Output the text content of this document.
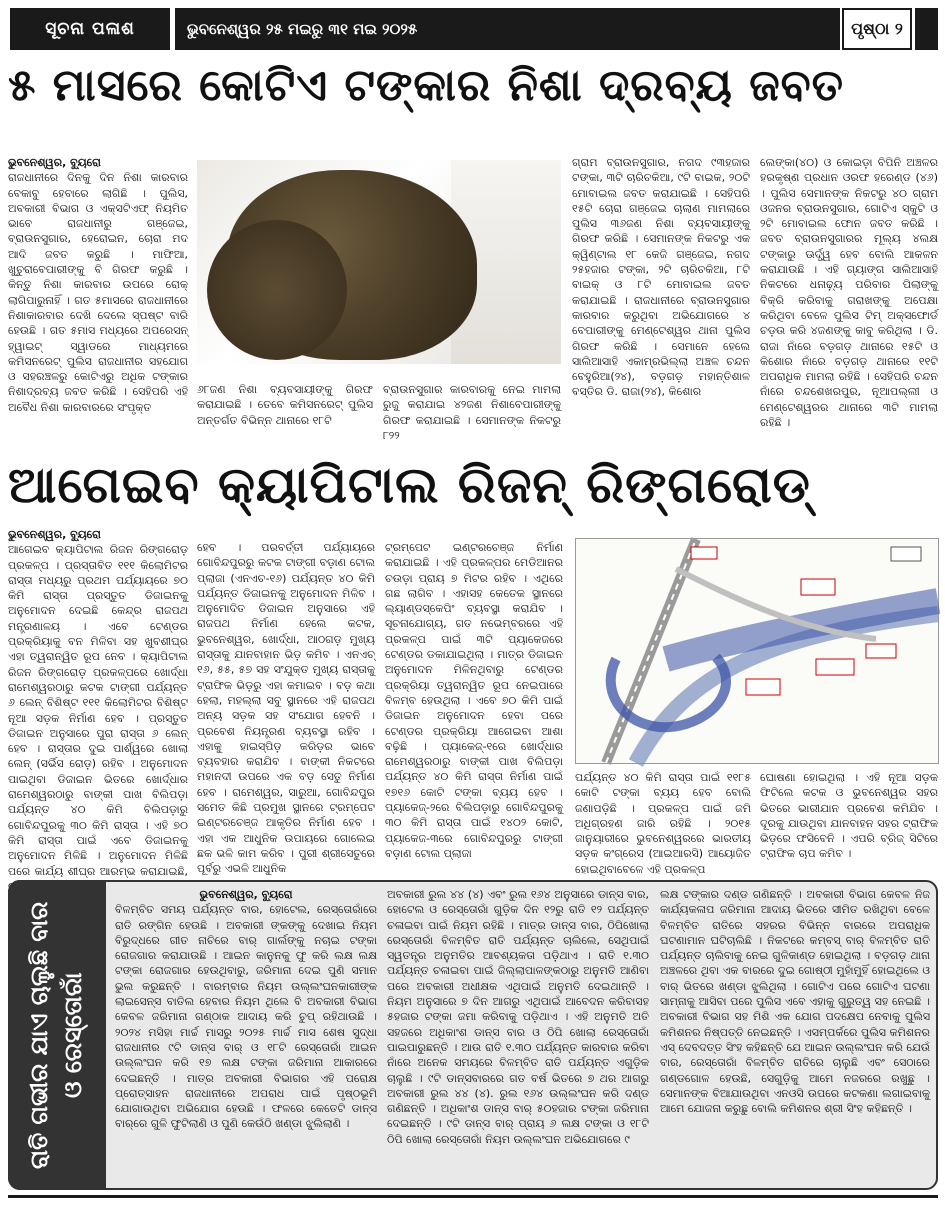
ସୂଚନା ପଳାଶ	ଭୁବନେଶ୍ୱର ୨୫ ମଇରୁ ୩୧ ମଇ ୨୦୨୫	ପୃଷ୍ଠା ୨
୫ ମାସରେ କୋଟିଏ ଟଙ୍କାର ନିଶା ଦ୍ରବ୍ୟ ଜବତ
ଭୁବନେଶ୍ୱର, ବ୍ୟୁରୋ
ରାଜଧାନୀରେ ଦିନକୁ ଦିନ ନିଶା କାରବାର ବେକାବୁ ହେବାରେ ଲାଗିଛି । ପୁଲିସ, ଅବକାରୀ ବିଭାଗ ଓ ଏକ୍ସଟିଏଫ୍ ନିୟମିତ ଭାବେ ରାଜଧାନୀରୁ ଗଞ୍ଜେଇ, ବ୍ରାଉନସୁଗାର, ହେରୋଇନ, ଚୋରା ମଦ ଆଦି ଜବତ କରୁଛି । ମାଫିଆ, ଖୁଚୁରାବେପାରୀଙ୍କୁ ବି ଗିରଫ କରୁଛି । କିନ୍ତୁ ନିଶା କାରବାର ଉପରେ ରୋକ୍ ଲାଗିପାରୁନାହିଁ । ଗତ ୫ମାସରେ ରାଜଧାନୀରେ ନିଶାକାରବାର ଦେଖି ଦେଲେ ସ୍ପଷ୍ଟ ବାରି ହେଉଛି । ଗତ ୫ମାସ ମଧ୍ୟରେ ଅପରେସନ୍ ହ୍ୱାଇଟ୍ ସ୍ୱାଡରେ ମାଧ୍ୟମରେ କମିସନରେଟ୍ ପୁଲିସ ରାଜଧାନୀର ସହଯୋଗ ଓ ସହରଞ୍ଚଳରୁ କୋଟିଏରୁ ଅଧିକ ଟଙ୍କାର ନିଶାଦ୍ରବ୍ୟ ଜବତ କରିଛି । ସେହିପରି ଏହି ଅବୈଧ ନିଶା କାରବାରରେ ସଂପୃକ୍ତ
୬୮ଜଣ ନିଶା ବ୍ୟବସାୟୀଙ୍କୁ ଗିରଫ କରାଯାଇଛି । ତେବେ କମିସନରେଟ୍ ପୁଲିସ ଅନ୍ତର୍ଗତ ବିଭିନ୍ନ ଥାନାରେ ୧୮ଟି
ବ୍ରାଉନସୁଗାର କାରବାରକୁ ନେଇ ମାମଲା ରୁଜୁ କରାଯାଇ ୪୨ଜଣ ନିଶାବେପାରୀଙ୍କୁ ଗିରଫ କରାଯାଇଛି । ସେମାନଙ୍କ ନିକଟରୁ ୮୨୨
ଗ୍ରାମ ବ୍ରାଉନସୁଗାର, ନଗଦ ୯୩ହଜାର ଟଙ୍କା, ୩ଟି ଚାରିଚକିଆ, ୯ଟି ବାଇକ, ୨୦ଟି ମୋବାଇଲ ଜବତ କରାଯାଇଛି । ସେହିପରି ୧୫ଟି ଚୋରା ଗଞ୍ଜେଇ ଚାଲାଣ ମାମଲାରେ ପୁଲିସ ୩୬ଜଣ ନିଶା ବ୍ୟବସାୟୀଙ୍କୁ ଗିରଫ କରିଛି । ସେମାନଙ୍କ ନିକଟରୁ ଏକ କ୍ୱିଣ୍ଟାଲ ୧୮ କେଜି ଗଞ୍ଜେଇ, ନଗଦ ୨୫ହଜାର ଟଙ୍କା, ୨ଟି ଚାରିଚକିଆ, ୮ଟି ବାଇକ୍ ଓ ୮ଟି ମୋବାଇଲ ଜବତ କରାଯାଇଛି । ରାଜଧାନୀରେ ବ୍ରାଉନସୁଗାର କାରବାର କରୁଥିବା ଅଭିଯୋଗରେ ୪ ବେପାରୀଙ୍କୁ ମେଣ୍ଟେଶ୍ୱର ଥାନା ପୁଲିସ ଗିରଫ କରିଛି । ସେମାନେ ହେଲେ ସାଲିଆସାହି ଏକାମ୍ରଭିଲ୍ଲା ଅଞ୍ଚଳ ଚନ୍ଦନ ବେହୁରିଆ(୨୪), ବଡ଼ଗଡ଼ ମହାନ୍ତିଶାଳ ବସ୍ତିର ଡି. ରାଜା(୨୪), କିଶୋର
ଲେଙ୍କା(୪୦) ଓ କୋଇଡ଼ା ବିପିନି ଅଞ୍ଚଳର ହରକୃଷ୍ଣ ପ୍ରଧାନ ଓରଫ ହରେଣ୍ଡ (୪୬) । ପୁଲିସ ସେମାନଙ୍କ ନିକଟରୁ ୪୦ ଗ୍ରାମ ଓଜନର ବ୍ରାଉନସୁଗାର, ଗୋଟିଏ ସ୍କୁଟି ଓ ୨ଟି ମୋବାଇଲ ଫୋନ ଜବତ କରିଛି । ଜବତ ବ୍ରାଉନସୁଗାରର ମୂଲ୍ୟ ୪ଲକ୍ଷ ଟଙ୍କାରୁ ଊର୍ଦ୍ଧ୍ୱ ହେବ ବୋଲି ଆକଳନ କରାଯାଉଛି । ଏହି ଗ୍ୟାଙ୍ଗ ସାଲିଆସାହି ନିକଟରେ ଧନାଢ଼୍ୟ ପରିବାର ପିଲାଙ୍କୁ ବିକ୍ରି କରିବାକୁ ଗରାଖଙ୍କୁ ଅପେକ୍ଷା କରିଥିବା ବେଳେ ପୁଲିସ ଟିମ୍ ଅକ୍ସଫୋର୍ଡ ଚଡ଼ଉ କରି ୪ଜଣଙ୍କୁ କାବୁ କରିଥିଲା । ଡି. ରାଜା ନାଁରେ ବଡ଼ଗଡ଼ ଥାନାରେ ୧୫ଟି ଓ କିଶୋର ନାଁରେ ବଡ଼ଗଡ଼ ଥାନାରେ ୧୧ଟି ଅପରାଧିକ ମାମଲା ରହିଛି । ସେହିପରି ଚନ୍ଦନ ନାଁରେ ଚନ୍ଦଶେଖରପୁର, ନୂଆପଲ୍ଲୀ ଓ ମେଣ୍ଟେଶ୍ୱରର ଥାନାରେ ୩ଟି ମାମଲା ରହିଛି ।
ଆଗେଇବ କ୍ୟାପିଟାଲ ରିଜନ୍ ରିଙ୍ଗରୋଡ୍
ଭୁବନେଶ୍ୱର, ବ୍ୟୁରୋ
ଆଗେଇବ କ୍ୟାପିଟାଲ ରିଜନ ରିଙ୍ଗରୋଡ଼ ପ୍ରକଳ୍ପ । ପ୍ରସ୍ତାବିତ ୧୧୧ କିଲୋମିଟର ରାସ୍ତା ମଧ୍ୟରୁ ପ୍ରଥମ ପର୍ଯ୍ୟାୟରେ ୭୦ କିମି ରାସ୍ତା ପ୍ରସ୍ତୁତ ଡିଜାଇନକୁ ଅନୁମୋଦନ ଦେଇଛି କେନ୍ଦ୍ର ରାଜପଥ ମନ୍ତ୍ରଣାଳୟ । ଏବେ ଟେଣ୍ଡର ପ୍ରକ୍ରିୟାକୁ ବନ ମିଳିବା ସହ ଖୁବଶୀଘ୍ର ଏହା ତ୍ୱରାନ୍ୱିତ ରୂପ ନେବ । କ୍ୟାପିଟାଲ ରିଜନ ରିଙ୍ଗରୋଡ଼ ପ୍ରକଳ୍ପରେ ଖୋର୍ଦ୍ଧା ରାମେଶ୍ୱରଠାରୁ କଟକ ଟାଙ୍ଗୀ ପର୍ଯ୍ୟନ୍ତ ୬ ଲେନ୍ ବିଶିଷ୍ଟ ୧୧୧ କିଲୋମିଟର ବିଶିଷ୍ଟ ନୂଆ ସଡ଼କ ନିର୍ମାଣ ହେବ । ପ୍ରସ୍ତୁତ ଡିଜାଇନ ଅନୁସାରେ ପୁରା ରାସ୍ତା ୬ ଲେନ୍ ହେବ । ରାସ୍ତାର ଦୁଇ ପାର୍ଶ୍ୱରେ ଖୋଲା ଲେନ୍ (ସର୍ଭିସ ରୋଡ଼) ରହିବ । ଅନୁମୋଦନ ପାଇଥିବା ଡିଜାଇନ ଭିତରେ ଖୋର୍ଦ୍ଧାର ରାମେଶ୍ୱରଠାରୁ ବାଙ୍କୀ ପାଖ ବିଲିପଡ଼ା ପର୍ଯ୍ୟନ୍ତ ୪୦ କିମି ବିଲିପଡ଼ାରୁ ଗୋବିନ୍ଦପୁରକୁ ୩୦ କିମି ରାସ୍ତା । ଏହି ୭୦ କିମି ରାସ୍ତା ପାଇଁ ଏବେ ଡିଜାଇନକୁ ଅନୁମୋଦନ ମିଳିଛି । ଅନୁମୋଦନ ମିଳିଛି ପରେ କାର୍ଯ୍ୟ ଶୀଘ୍ର ଆରମ୍ଭ କରାଯାଇଛି,
ହେବ । ପରବର୍ତ୍ତୀ ପର୍ଯ୍ୟାୟରେ ଗୋବିନ୍ଦପୁରରୁ କଟକ ଟାଙ୍ଗୀ ବଡ଼ାଣ ଟୋଲ ପ୍ଲାଜା (ଏନଏଚ-୧୬) ପର୍ଯ୍ୟନ୍ତ ୪୦ କିମି ପର୍ଯ୍ୟନ୍ତ ଡିଜାଇନକୁ ଅନୁମୋଦନ ମିଳିବ । ଅନୁମୋଦିତ ଡିଜାଇନ ଅନୁସାରେ ଏହି ରାଜପଥ ନିର୍ମାଣ ହେଲେ କଟକ, ଭୁବନେଶ୍ୱର, ଖୋର୍ଦ୍ଧା, ଆଠଗଡ଼ ମୁଖ୍ୟ ରାସ୍ତାକୁ ଯାନବାହାନ ଭିଡ଼ କମିବ । ଏନଏଚ୍ ୧୬, ୫୫, ୫୭ ସହ ସଂଯୁକ୍ତ ମୁଖ୍ୟ ରାସ୍ତାକୁ ଟ୍ରାଫିକ ଭିଡ଼ରୁ ଏହା କମାଇବ । ବଡ଼ କଥା ହେଲା, ମହଲ୍ଲା ସବୁ ସ୍ଥାନରେ ଏହି ରାଜପଥ ଅନ୍ୟ ସଡ଼କ ସହ ସଂଯୋଗ ହେବନି । ପ୍ରବେଶ ନିୟନ୍ତ୍ରଣ ବ୍ୟବସ୍ଥା ରହିବ । ଏହାକୁ ହାଇସ୍ପିଡ଼ କରିଡ଼ର ଭାବେ ବ୍ୟବହାର କରାଯିବ । ବାଙ୍କୀ ନିକଟରେ ମହାନଦୀ ଉପରେ ଏକ ବଡ଼ ସେତୁ ନିର୍ମାଣ ହେବ । ରାମେଶ୍ୱର, ସାରୁଆ, ଗୋବିନ୍ଦପୁର ସମେତ କିଛି ପ୍ରମୁଖ ସ୍ଥାନରେ ଟ୍ରମ୍ପେଟ ଇଣ୍ଟରଚେଞ୍ଜ ଆକୃତିର ନିର୍ମାଣ ହେବ । ଏହା ଏକ ଆଧୁନିକ ଉପାୟରେ ଗୋଲେଇ ଛକ ଭଳି କାମ କରିବ । ପୁରୀ ଶ୍ରୀସେତୁରେ ପୂର୍ବରୁ ଏଭଳି ଆଧୁନିକ
ଟ୍ରମ୍ପେଟ ଇଣ୍ଟରଚେଞ୍ଜ ନିର୍ମାଣ କରାଯାଇଛି । ଏହି ପ୍ରକଳ୍ପର ମେଡିଆନର ଚଉଡ଼ା ପ୍ରାୟ ୭ ମିଟର ରହିବ । ଏଥିରେ ଗଛ ଲାଗିବ । ଏହାସହ କେତେକ ସ୍ଥାନରେ ଲ୍ୟାଣ୍ଡସ୍କେପିଂ ବ୍ୟବସ୍ଥା କରାଯିବ । ସୂଚନାଯୋଗ୍ୟ, ଗତ ନଭେମ୍ବରରେ ଏହି ପ୍ରକଳ୍ପ ପାଇଁ ୩ଟି ପ୍ୟାକେଜରେ ଟେଣ୍ଡର ଡକାଯାଇଥିଲା । ମାତ୍ର ଡିଜାଇନ ଅନୁମୋଦନ ମିଳିନଥିବାରୁ ଟେଣ୍ଡର ପ୍ରକ୍ରିୟା ତ୍ୱରାନ୍ୱିତ ରୂପ ନେଇପାରେ ବିଳମ୍ବ ହେଉଥିଲା । ଏବେ ୭୦ କିମି ପାଇଁ ଡିଜାଇନ ଅନୁମୋଦନ ହେବା ପରେ ଟେଣ୍ଡର ପ୍ରକ୍ରିୟା ଆଗେଇବା ଆଶା ବଢ଼ିଛି । ପ୍ୟାକେଜ୍-୧ରେ ଖୋର୍ଦ୍ଧାର ରାମେଶ୍ୱରଠାରୁ ବାଙ୍କୀ ପାଖ ବିଲିପଡ଼ା ପର୍ଯ୍ୟନ୍ତ ୪୦ କିମି ରାସ୍ତା ନିର୍ମାଣ ପାଇଁ ୧୭୧୬ କୋଟି ଟଙ୍କା ବ୍ୟୟ ହେବ । ପ୍ୟାକେଜ୍-୨ରେ ବିଲିପଡ଼ାରୁ ଗୋବିନ୍ଦପୁରକୁ ୩୦ କିମି ରାସ୍ତା ପାଇଁ ୧୪୦୨ କୋଟି, ପ୍ୟାକେଜ-୩ରେ ଗୋବିନ୍ଦପୁରରୁ ଟାଙ୍ଗୀ ବଡ଼ାଣ ଟୋଲ ପ୍ଲାଜା
ପର୍ଯ୍ୟନ୍ତ ୪୦ କିମି ରାସ୍ତା ପାଇଁ ୧୧୮୫ କୋଟି ଟଙ୍କା ବ୍ୟୟ ହେବ ବୋଲି ଜଣାପଡ଼ିଛି । ପ୍ରକଳ୍ପ ପାଇଁ ଜମି ଅଧିଗ୍ରହଣ ଜାରି ରହିଛି । ୨୦୧୫ ଜାନୁୟାରୀରେ ଭୁବନେଶ୍ୱରରେ ଭାରତୀୟ ସଡ଼କ କଂଗ୍ରେସ (ଆଇଆରସି) ଆୟୋଜିତ ହୋଇଥିବାବେଳେ ଏହି ପ୍ରକଳ୍ପ
ଘୋଷଣା ହୋଇଥିଲା । ଏହି ନୂଆ ସଡ଼କ ଫିଟିଲେ କଟକ ଓ ଭୁବନେଶ୍ୱର ସହର ଭିତରେ ଭାରୀଯାନ ପ୍ରବେଶ କମିଯିବ । ଦୂରକୁ ଯାଉଥିବା ଯାନବାହନ ସହର ଟ୍ରାଫିକ ଭିଡ଼ରେ ଫସିବେନି । ଏପରି ବ୍ରିଜ୍ ସିଟିରେ ଟ୍ରାଫିକ ଚାପ କମିବ ।
ରାତି ଗଭୀର ଯାଏ ଚାଲୁଛି ବାର ଓ ରେସ୍ତୋରାଁ
ଭୁବନେଶ୍ୱର, ବ୍ୟୁରୋ
ବିଳମ୍ବିତ ସମୟ ପର୍ଯ୍ୟନ୍ତ ବାର, ହୋଟେଲ, ରେସ୍ତୋରାଁରେ ରାତି ରଙ୍ଗିନ ହେଉଛି । ଅବକାରୀ ଙ୍କଙ୍କୁ ଦେଖାଇ ନିୟମ ବିରୁଦ୍ଧରେ ଗୀତ ନାଚିରେ ବାର୍ ଗାର୍ଲଙ୍କୁ ନଚାଇ ଟଙ୍କା ରୋଜଗାର କରାଯାଉଛି । ଆଇନ କାନୁନକୁ ଫୁ କରି ଲକ୍ଷ ଲକ୍ଷ ଟଙ୍କା ରୋଜଗାର ହେଉଥିବାରୁ, ଜରିମାନା ଦେଇ ପୁଣି ସମାନ ଭୁଲ କରୁଛନ୍ତି । ବାରମ୍ବାର ନିୟମ ଉଲ୍ଲଂଘନକାରୀଙ୍କ ଲାଇସେନ୍ସ ବାତିଲ ହେବାର ନିୟମ ଥିଲେ ବି ଅବକାରୀ ବିଭାଗ କେବଳ ଜରିମାନା ଗଣ୍ଠାକ ଆଦାୟ କରି ଚୁପ୍ ରହିଥାଉଛି । ୨୦୨୪ ମସିହା ମାର୍ଚ୍ଚ ମାସରୁ ୨୦୨୫ ମାର୍ଚ୍ଚ ମାସ ଶେଷ ସୁଦ୍ଧା ରାଜଧାନୀର ୯ଟି ଡାନ୍ସ ବାର୍ ଓ ୧୮ଟି ରେସ୍ତୋରାଁ ଆଇନ ଉଲ୍ଲଂଘନ କରି ୧୭ ଲକ୍ଷ ଟଙ୍କା ଜରିମାନା ଆକାରରେ ଦେଇଛନ୍ତି । ମାତ୍ର ଅବକାରୀ ବିଭାଗର ଏହି ପରୋକ୍ଷ ପ୍ରୋତ୍ସାହନ ରାଜଧାନୀରେ ଅପରାଧ ପାଇଁ ପୃଷ୍ଠଭୂମି ଯୋଗାଉଥିବା ଅଭିଯୋଗ ହେଉଛି । ଫଳରେ କେତେଟି ଡାନ୍ସ ବାର୍‌ରେ ଗୁଳି ଫୁଟିଲାଣି ଓ ପୁଣି କେଉଁଠି ଖଣ୍ଡା ଝୁଲିଲାଣି ।
ଅବକାରୀ ରୁଲ ୪୪ (୪) ଏବଂ ରୁଲ ୧୬୪ ଅନୁସାରେ ଡାନ୍ସ ବାର, ହୋଟେଲ ଓ ରେସ୍ତୋରାଁ ଗୁଡ଼ିକ ଦିନ ୧୨ରୁ ରାତି ୧୨ ପର୍ଯ୍ୟନ୍ତ ଚଳାଇବା ପାଇଁ ନିୟମ ରହିଛି । ମାତ୍ର ଡାନ୍ସ ବାର, ଠିପିଖୋଲା ରେସ୍ତୋରାଁ ବିଳମ୍ବିତ ରାତି ପର୍ଯ୍ୟନ୍ତ ଚାଲିଲେ, ସେଥିପାଇଁ ସ୍ୱତନ୍ତ୍ର ଅନୁମତିର ଆବଶ୍ୟକତା ପଡ଼ିଥାଏ । ରାତି ୧.୩୦ ପର୍ଯ୍ୟନ୍ତ ଚଳାଇବା ପାଇଁ ଜିଲ୍ଲାପାଳଙ୍କଠାରୁ ଅନୁମତି ଆଣିବା ପରେ ଅବକାରୀ ଅଧୀକ୍ଷକ ଏଥିପାଇଁ ଅନୁମତି ଦେଇଥାନ୍ତି । ନିୟମ ଅନୁସାରେ ୭ ଦିନ ଆଗରୁ ଏଥିପାଇଁ ଆବେଦନ କରିବାସହ ୫ହଜାର ଟଙ୍କା ଜମା କରିବାକୁ ପଡ଼ିଥାଏ । ଏହି ଅନୁମତି ଅତି ସହଜରେ ଅଧିକାଂଶ ଡାନ୍ସ ବାର ଓ ଠିପି ଖୋଲା ରେସ୍ତୋରାଁ ପାଇପାରୁଛନ୍ତି । ଆଉ ରାତି ୧.୩୦ ପର୍ଯ୍ୟନ୍ତ କାରବାର କରିବା ନାଁରେ ଅନେକ ସମୟରେ ବିଳମ୍ବିତ ରାତି ପର୍ଯ୍ୟନ୍ତ ଏଗୁଡ଼ିକ ଚାଲୁଛି । ୯ଟି ଡାନ୍ସବାରରେ ଗତ ବର୍ଷ ଭିତରେ ୭ ଥର ଆଗରୁ ଅବକାରୀ ରୁଲ ୪୪ (୪). ରୁଲ ୧୬୪ ଉଲ୍ଲଂଘନ କରି ଦଣ୍ଡ ଗଣିଛନ୍ତି । ଅଧିକାଂଶ ଡାନ୍ସ ବାର୍ ୫୦ହଜାର ଟଙ୍କା ଜରିମାନା ଦେଇଛନ୍ତି । ୯ଟି ଡାନ୍ସ ବାର୍ ପ୍ରାୟ ୬ ଲକ୍ଷ ଟଙ୍କା ଓ ୧୮ଟି ଠିପି ଖୋଲା ରେସ୍ତୋରାଁ ନିୟମ ଉଲ୍ଲଂଘନ ଅଭିଯୋଗରେ ୯
ଲକ୍ଷ ଟଙ୍କାର ଦଣ୍ଡ ଗଣିଛନ୍ତି । ଅବକାରୀ ବିଭାଗ କେବଳ ନିଜ କାର୍ଯ୍ୟକଳାପ ଜରିମାନା ଆଦାୟ ଭିତରେ ସୀମିତ ରଖିଥିବା ବେଳେ ବିଳମ୍ବିତ ରାତିରେ ସହରର ବିଭିନ୍ନ ବାରରେ ଅପରାଧିକ ଘଟଣାମାନ ଘଟିଚାଲିଛି । ନିକଟରେ କମ୍ବସ୍ ବାର୍ ବିଳମ୍ବିତ ରାତି ପର୍ଯ୍ୟନ୍ତ ଚାଲିବାକୁ ନେଇ ଗୁଳିକାଣ୍ଡ ହୋଇଥିଲା । ବଡ଼ଗଡ଼ ଥାନା ଅଞ୍ଚଳରେ ଥିବା ଏକ ବାରରେ ଦୁଇ ଗୋଷ୍ଠୀ ମୁହାଁମୁହିଁ ହୋଇଥିଲେ ଓ ବାର୍ ଭିତରେ ଖଣ୍ଡା ଝୁଲିଥିଲା । ଗୋଟିଏ ପରେ ଗୋଟିଏ ଘଟଣା ସାମ୍ନାକୁ ଆସିବା ପରେ ପୁଲିସ ଏବେ ଏହାକୁ ଗୁରୁତ୍ୱ ସହ ନେଇଛି । ଅବକାରୀ ବିଭାଗ ସହ ମିଶି ଏକ ଯୋଗ ପଦକ୍ଷେପ ନେବାକୁ ପୁଲିସ କମିଶନର ନିଷ୍ପତ୍ତି ନେଇଛନ୍ତି । ଏସମ୍ପର୍କରେ ପୁଲିସ କମିଶନର ଏସ୍ ଦେବଦତ୍ତ ସିଂହ କହିଛନ୍ତି ଯେ ଆଇନ ଉଲ୍ଲଂଘନ କରି ଯେଉଁ ବାର, ରେସ୍ତୋରାଁ ବିଳମ୍ବିତ ରାତିରେ ଚାଲୁଛି ଏବଂ ସେଠାରେ ଗଣ୍ଡଗୋଳ ହେଉଛି, ସେଗୁଡ଼ିକୁ ଆମେ ନଜରରେ ରଖୁଛୁ । ସେମାନଙ୍କ ବିଆଯାଉଥିବା ଏନଓସି ଉପରେ କଟକଣା ଲଗାଇବାକୁ ଆମେ ଯୋଜନା କରୁଛୁ ବୋଲି କମିଶନର ଶ୍ରୀ ସିଂହ କହିଛନ୍ତି ।
